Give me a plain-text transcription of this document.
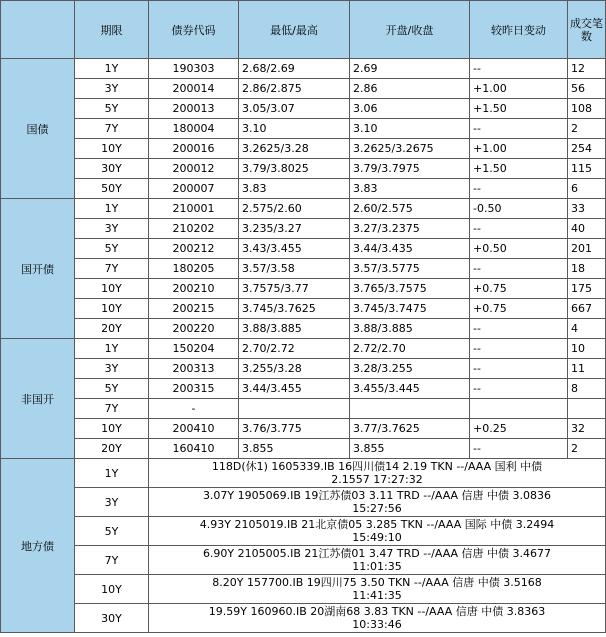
	期限	债券代码	最低/最高	开盘/收盘	较昨日变动	成交笔数
国债	1Y	190303	2.68/2.69	2.69	--	12
	3Y	200014	2.86/2.875	2.86	+1.00	56
	5Y	200013	3.05/3.07	3.06	+1.50	108
	7Y	180004	3.10	3.10	--	2
	10Y	200016	3.2625/3.28	3.2625/3.2675	+1.00	254
	30Y	200012	3.79/3.8025	3.79/3.7975	+1.50	115
	50Y	200007	3.83	3.83	--	6
国开债	1Y	210001	2.575/2.60	2.60/2.575	-0.50	33
	3Y	210202	3.235/3.27	3.27/3.2375	--	40
	5Y	200212	3.43/3.455	3.44/3.435	+0.50	201
	7Y	180205	3.57/3.58	3.57/3.5775	--	18
	10Y	200210	3.7575/3.77	3.765/3.7575	+0.75	175
	10Y	200215	3.745/3.7625	3.745/3.7475	+0.75	667
	20Y	200220	3.88/3.885	3.88/3.885	--	4
非国开	1Y	150204	2.70/2.72	2.72/2.70	--	10
	3Y	200313	3.255/3.28	3.28/3.255	--	11
	5Y	200315	3.44/3.455	3.455/3.445	--	8
	7Y	-				
	10Y	200410	3.76/3.775	3.77/3.7625	+0.25	32
	20Y	160410	3.855	3.855	--	2
地方债	1Y	118D(休1) 1605339.IB 16四川债14 2.19 TKN --/AAA 国利 中债
2.1557 17:27:32				

	3Y	3.07Y 1905069.IB 19江苏债03 3.11 TRD --/AAA 信唐 中债 3.0836
15:27:56				

	5Y	4.93Y 2105019.IB 21北京债05 3.285 TKN --/AAA 国际 中债 3.2494
15:49:10				

	7Y	6.90Y 2105005.IB 21江苏债01 3.47 TRD --/AAA 信唐 中债 3.4677
11:01:35				

	10Y	8.20Y 157700.IB 19四川75 3.50 TKN --/AAA 信唐 中债 3.5168
11:41:35				

	30Y	19.59Y 160960.IB 20湖南68 3.83 TKN --/AAA 信唐 中债 3.8363
10:33:46				
